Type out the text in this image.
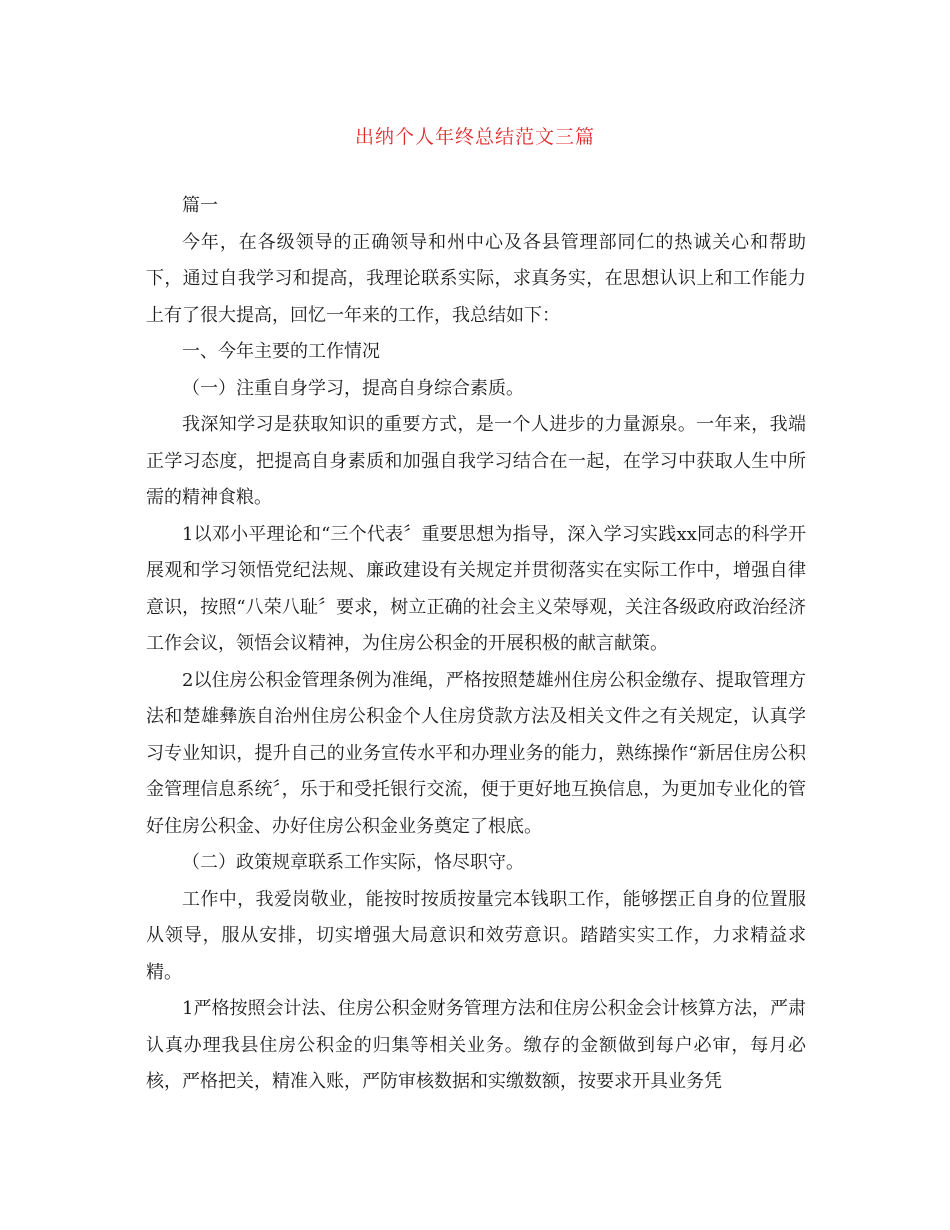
出纳个人年终总结范文三篇

篇一

今年，在各级领导的正确领导和州中心及各县管理部同仁的热诚关心和帮助下，通过自我学习和提高，我理论联系实际，求真务实，在思想认识上和工作能力上有了很大提高，回忆一年来的工作，我总结如下：

一、今年主要的工作情况

（一）注重自身学习，提高自身综合素质。

我深知学习是获取知识的重要方式，是一个人进步的力量源泉。一年来，我端正学习态度，把提高自身素质和加强自我学习结合在一起，在学习中获取人生中所需的精神食粮。

1以邓小平理论和“三个代表〞重要思想为指导，深入学习实践xx同志的科学开展观和学习领悟党纪法规、廉政建设有关规定并贯彻落实在实际工作中，增强自律意识，按照“八荣八耻〞要求，树立正确的社会主义荣辱观，关注各级政府政治经济工作会议，领悟会议精神，为住房公积金的开展积极的献言献策。

2以住房公积金管理条例为准绳，严格按照楚雄州住房公积金缴存、提取管理方法和楚雄彝族自治州住房公积金个人住房贷款方法及相关文件之有关规定，认真学习专业知识，提升自己的业务宣传水平和办理业务的能力，熟练操作“新居住房公积金管理信息系统〞，乐于和受托银行交流，便于更好地互换信息，为更加专业化的管好住房公积金、办好住房公积金业务奠定了根底。

（二）政策规章联系工作实际，恪尽职守。

工作中，我爱岗敬业，能按时按质按量完本钱职工作，能够摆正自身的位置服从领导，服从安排，切实增强大局意识和效劳意识。踏踏实实工作，力求精益求精。

1严格按照会计法、住房公积金财务管理方法和住房公积金会计核算方法，严肃认真办理我县住房公积金的归集等相关业务。缴存的金额做到每户必审，每月必核，严格把关，精准入账，严防审核数据和实缴数额，按要求开具业务凭
